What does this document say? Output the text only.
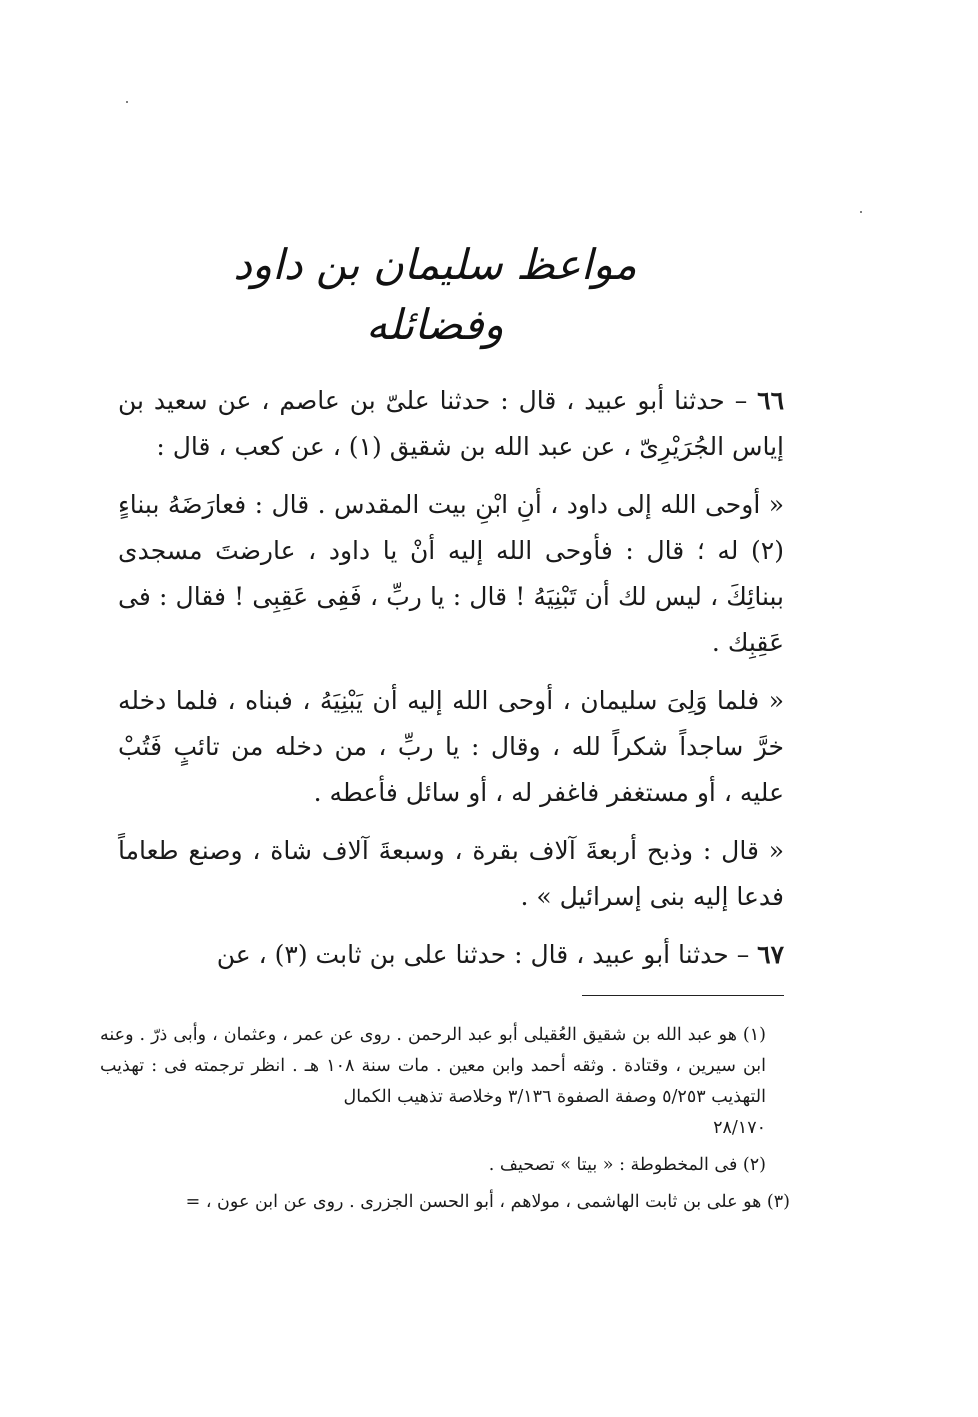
مواعظ سليمان بن داود وفضائله

٦٦ – حدثنا أبو عبيد ، قال : حدثنا علىّ بن عاصم ، عن سعيد بن إياس الجُرَيْرِىّ ، عن عبد الله بن شقيق (١) ، عن كعب ، قال :

« أوحى الله إلى داود ، أنِ ابْنِ بيت المقدس . قال : فعارَضَهُ ببناءٍ (٢) له ؛ قال : فأوحى الله إليه أنْ يا داود ، عارضتَ مسجدى ببنائِكَ ، ليس لك أن تَبْنِيَهُ ! قال : يا ربِّ ، فَفِى عَقِبِى ! فقال : فى عَقِبِك .

« فلما وَلِىَ سليمان ، أوحى الله إليه أن يَبْنِيَهُ ، فبناه ، فلما دخله خرَّ ساجداً شكراً لله ، وقال : يا ربِّ ، من دخله من تائبٍ فَتُبْ عليه ، أو مستغفر فاغفر له ، أو سائل فأعطه .

« قال : وذبح أربعةَ آلاف بقرة ، وسبعةَ آلاف شاة ، وصنع طعاماً فدعا إليه بنى إسرائيل » .

٦٧ – حدثنا أبو عبيد ، قال : حدثنا على بن ثابت (٣) ، عن

(١) هو عبد الله بن شقيق العُقيلى أبو عبد الرحمن . روى عن عمر ، وعثمان ، وأبى ذرّ . وعنه ابن سيرين ، وقتادة . وثقه أحمد وابن معين . مات سنة ١٠٨ هـ . انظر ترجمته فى : تهذيب التهذيب ٥/٢٥٣ وصفة الصفوة ٣/١٣٦ وخلاصة تذهيب الكمال
٢٨/١٧٠

(٢) فى المخطوطة : « بيتا » تصحيف .

(٣) هو على بن ثابت الهاشمى ، مولاهم ، أبو الحسن الجزرى . روى عن ابن عون ، =
